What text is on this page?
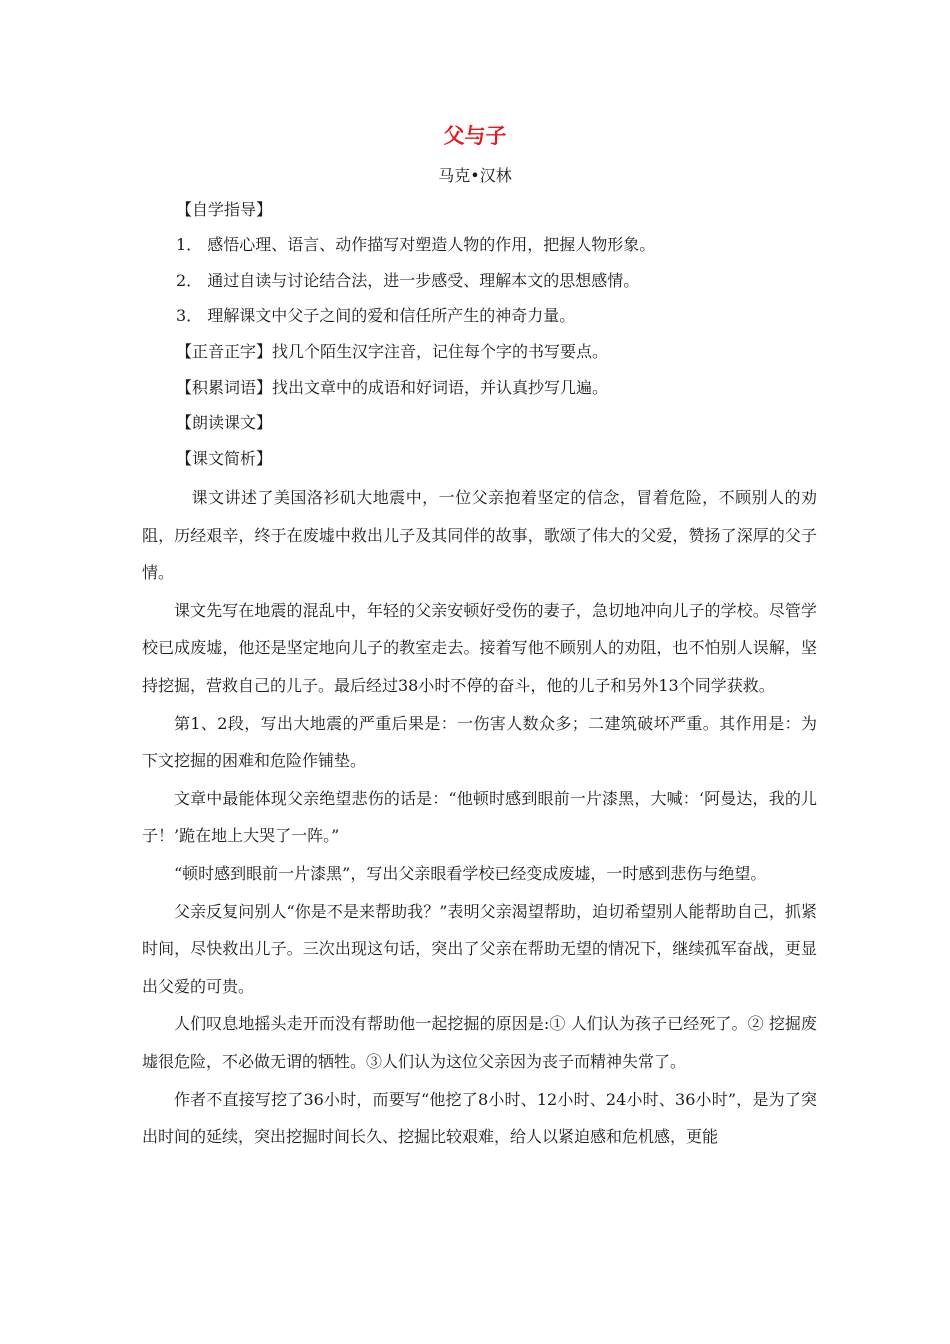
父与子
马克•汉林
【自学指导】
1． 感悟心理、语言、动作描写对塑造人物的作用，把握人物形象。
2． 通过自读与讨论结合法，进一步感受、理解本文的思想感情。
3． 理解课文中父子之间的爱和信任所产生的神奇力量。
【正音正字】找几个陌生汉字注音，记住每个字的书写要点。
【积累词语】找出文章中的成语和好词语，并认真抄写几遍。
【朗读课文】
【课文简析】

课文讲述了美国洛衫矶大地震中，一位父亲抱着坚定的信念，冒着危险，不顾别人的劝阻，历经艰辛，终于在废墟中救出儿子及其同伴的故事，歌颂了伟大的父爱，赞扬了深厚的父子情。

课文先写在地震的混乱中，年轻的父亲安顿好受伤的妻子，急切地冲向儿子的学校。尽管学校已成废墟，他还是坚定地向儿子的教室走去。接着写他不顾别人的劝阻，也不怕别人误解，坚持挖掘，营救自己的儿子。最后经过38小时不停的奋斗，他的儿子和另外13个同学获救。

第1、2段，写出大地震的严重后果是：一伤害人数众多；二建筑破坏严重。其作用是：为下文挖掘的困难和危险作铺垫。

文章中最能体现父亲绝望悲伤的话是：“他顿时感到眼前一片漆黑，大喊：‘阿曼达，我的儿子！’跪在地上大哭了一阵。”

“顿时感到眼前一片漆黑”，写出父亲眼看学校已经变成废墟，一时感到悲伤与绝望。

父亲反复问别人“你是不是来帮助我？”表明父亲渴望帮助，迫切希望别人能帮助自己，抓紧时间，尽快救出儿子。三次出现这句话，突出了父亲在帮助无望的情况下，继续孤军奋战，更显出父爱的可贵。

人们叹息地摇头走开而没有帮助他一起挖掘的原因是:① 人们认为孩子已经死了。② 挖掘废墟很危险，不必做无谓的牺牲。③人们认为这位父亲因为丧子而精神失常了。

作者不直接写挖了36小时，而要写“他挖了8小时、12小时、24小时、36小时”，是为了突出时间的延续，突出挖掘时间长久、挖掘比较艰难，给人以紧迫感和危机感，更能
